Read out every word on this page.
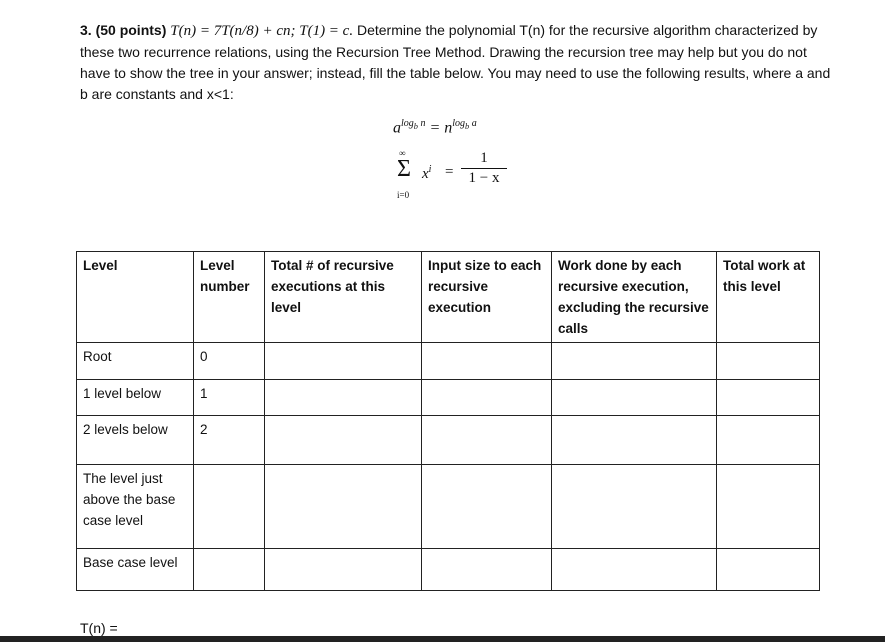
3. (50 points) T(n) = 7T(n/8) + cn; T(1) = c. Determine the polynomial T(n) for the recursive algorithm characterized by these two recurrence relations, using the Recursion Tree Method. Drawing the recursion tree may help but you do not have to show the tree in your answer; instead, fill the table below. You may need to use the following results, where a and b are constants and x<1:
$a^{log_b n} = n^{log_b a}$
∞
Σ
i=0
$x^i = \frac{1}{1 - x}$
Level	Level number	Total # of recursive executions at this level	Input size to each recursive execution	Work done by each recursive execution, excluding the recursive calls	Total work at this level
Root	0				
1 level below	1				
2 levels below	2				
The level just above the base case level					
Base case level					
T(n) =
